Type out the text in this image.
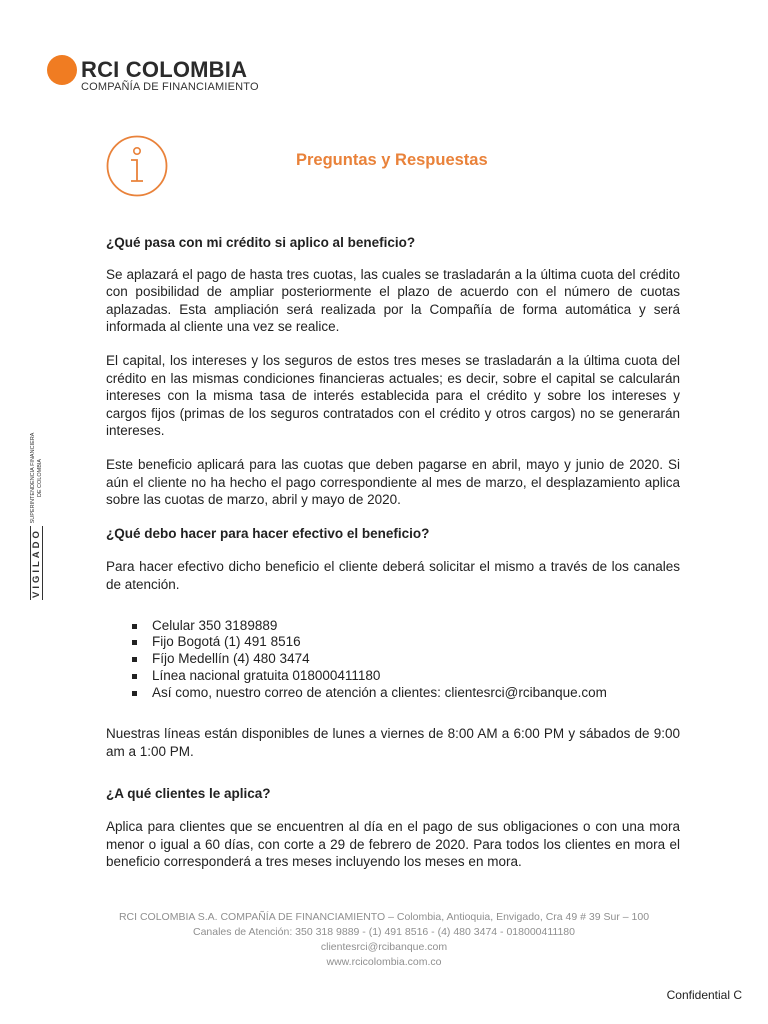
RCI COLOMBIA
COMPAÑÍA DE FINANCIAMIENTO
Preguntas y Respuestas
VIGILADO
SUPERINTENDENCIA FINANCIERA DE COLOMBIA

¿Qué pasa con mi crédito si aplico al beneficio?

Se aplazará el pago de hasta tres cuotas, las cuales se trasladarán a la última cuota del crédito con posibilidad de ampliar posteriormente el plazo de acuerdo con el número de cuotas aplazadas. Esta ampliación será realizada por la Compañía de forma automática y será informada al cliente una vez se realice.

El capital, los intereses y los seguros de estos tres meses se trasladarán a la última cuota del crédito en las mismas condiciones financieras actuales; es decir, sobre el capital se calcularán intereses con la misma tasa de interés establecida para el crédito y sobre los intereses y cargos fijos (primas de los seguros contratados con el crédito y otros cargos) no se generarán intereses.

Este beneficio aplicará para las cuotas que deben pagarse en abril, mayo y junio de 2020. Si aún el cliente no ha hecho el pago correspondiente al mes de marzo, el desplazamiento aplica sobre las cuotas de marzo, abril y mayo de 2020.

¿Qué debo hacer para hacer efectivo el beneficio?

Para hacer efectivo dicho beneficio el cliente deberá solicitar el mismo a través de los canales de atención.

Celular 350 3189889
Fijo Bogotá (1) 491 8516
Fíjo Medellín (4) 480 3474
Línea nacional gratuita 018000411180
Así como, nuestro correo de atención a clientes: clientesrci@rcibanque.com

Nuestras líneas están disponibles de lunes a viernes de 8:00 AM a 6:00 PM y sábados de 9:00 am a 1:00 PM.

¿A qué clientes le aplica?

Aplica para clientes que se encuentren al día en el pago de sus obligaciones o con una mora menor o igual a 60 días, con corte a 29 de febrero de 2020. Para todos los clientes en mora el beneficio corresponderá a tres meses incluyendo los meses en mora.

RCI COLOMBIA S.A. COMPAÑÍA DE FINANCIAMIENTO – Colombia, Antioquia, Envigado, Cra 49 # 39 Sur – 100
Canales de Atención: 350 318 9889 - (1) 491 8516 - (4) 480 3474 - 018000411180
clientesrci@rcibanque.com
www.rcicolombia.com.co
Confidential C
